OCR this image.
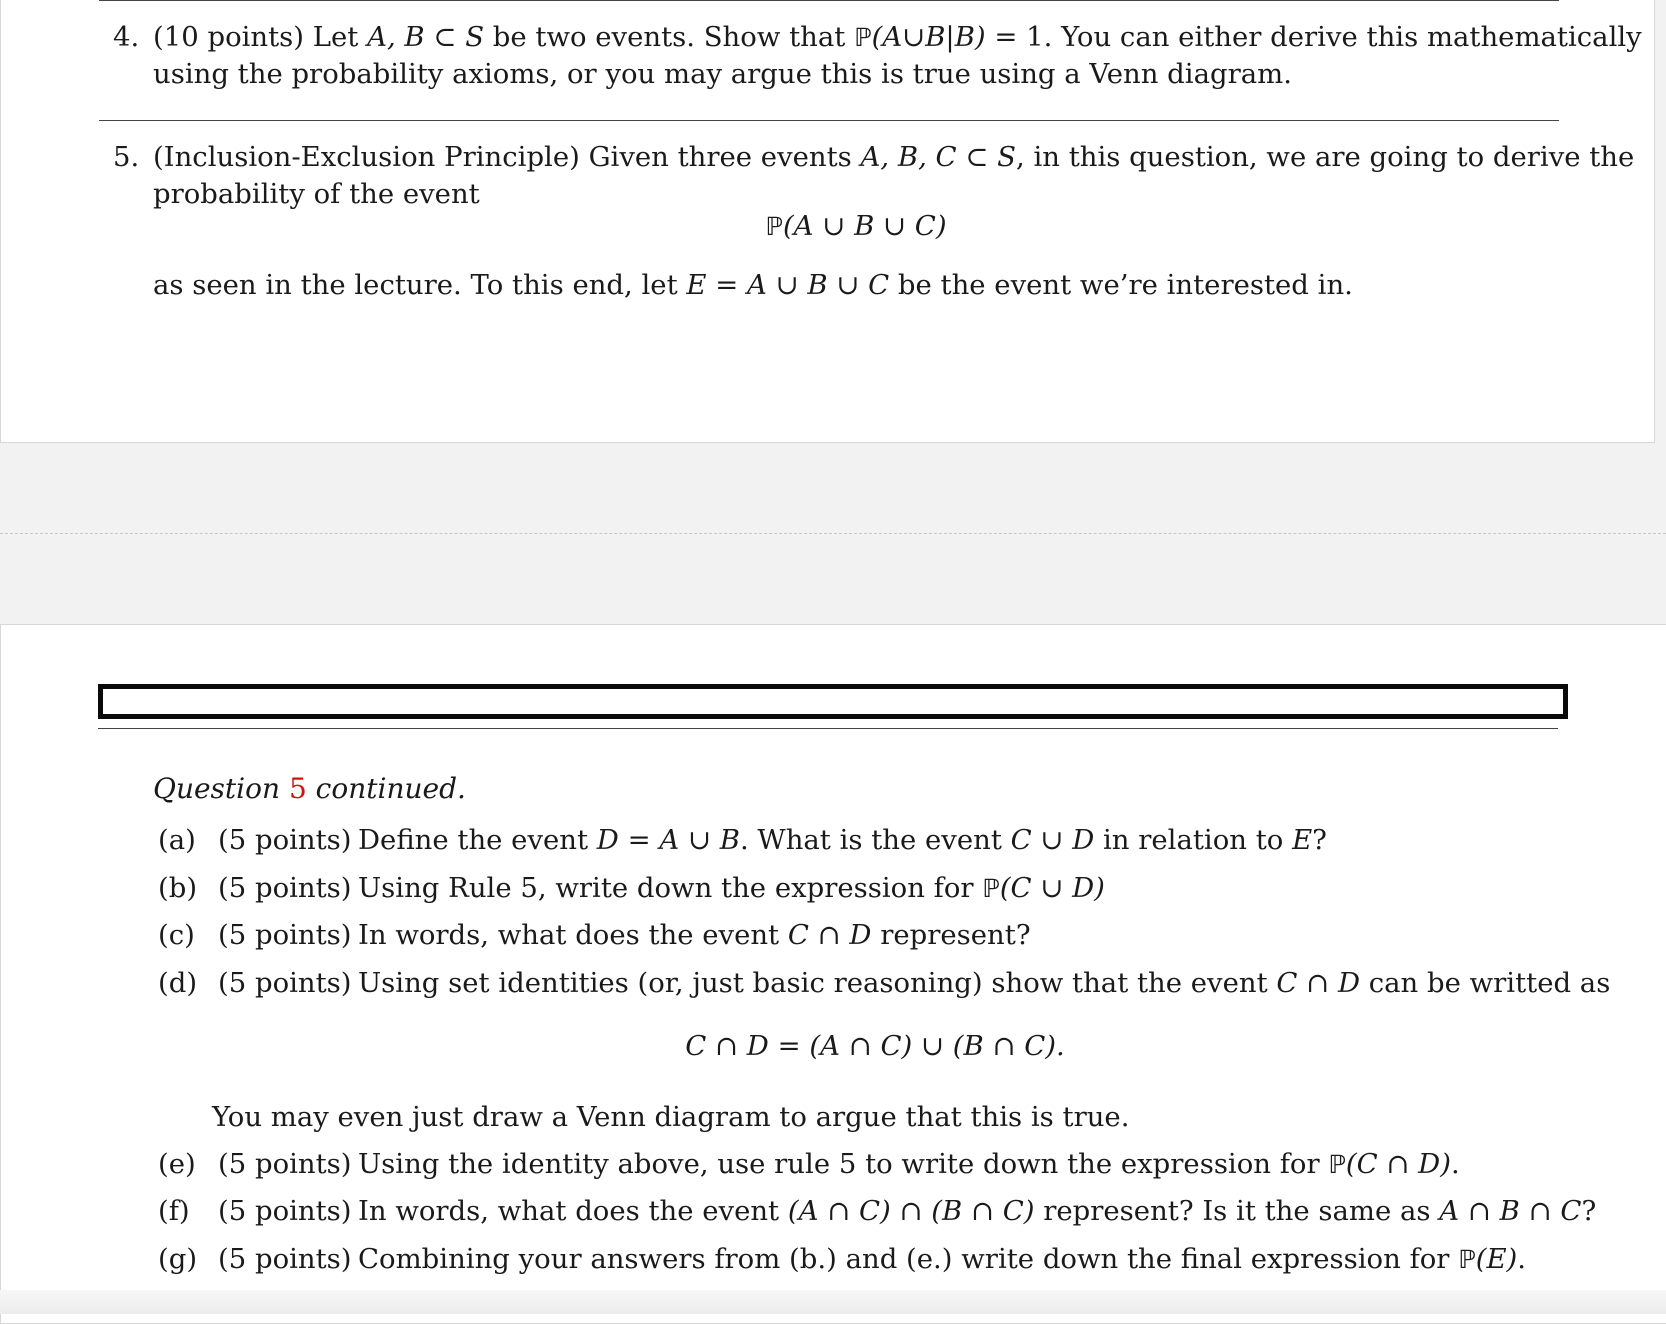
4. (10 points) Let A, B ⊂ S be two events. Show that ℙ(A∪B|B) = 1. You can either derive this mathematically
using the probability axioms, or you may argue this is true using a Venn diagram.
5. (Inclusion-Exclusion Principle) Given three events A, B, C ⊂ S, in this question, we are going to derive the
probability of the event
ℙ(A ∪ B ∪ C)
as seen in the lecture. To this end, let E = A ∪ B ∪ C be the event we’re interested in.
Question 5 continued.
(a) (5 points) Define the event D = A ∪ B. What is the event C ∪ D in relation to E?
(b) (5 points) Using Rule 5, write down the expression for ℙ(C ∪ D)
(c) (5 points) In words, what does the event C ∩ D represent?
(d) (5 points) Using set identities (or, just basic reasoning) show that the event C ∩ D can be writted as
C ∩ D = (A ∩ C) ∪ (B ∩ C).
You may even just draw a Venn diagram to argue that this is true.
(e) (5 points) Using the identity above, use rule 5 to write down the expression for ℙ(C ∩ D).
(f) (5 points) In words, what does the event (A ∩ C) ∩ (B ∩ C) represent? Is it the same as A ∩ B ∩ C?
(g) (5 points) Combining your answers from (b.) and (e.) write down the final expression for ℙ(E).
